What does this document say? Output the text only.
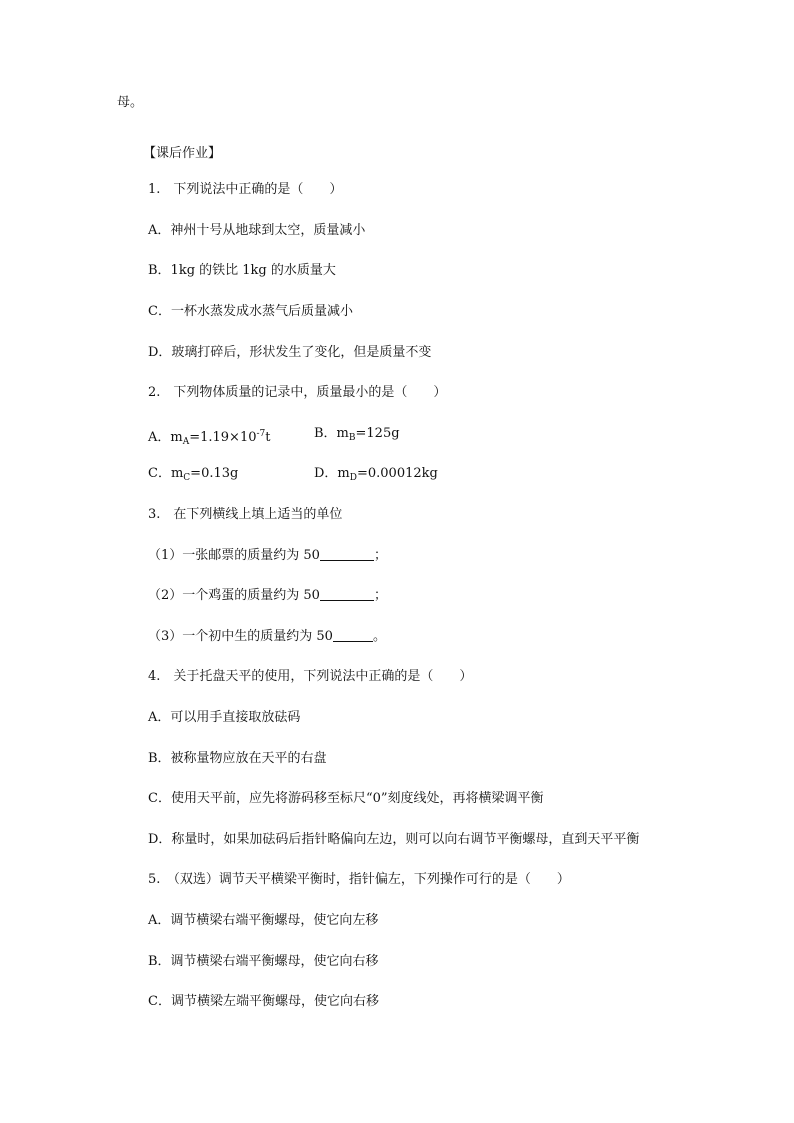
母。
【课后作业】
1.　下列说法中正确的是（　　）
A．神州十号从地球到太空，质量减小
B．1kg 的铁比 1kg 的水质量大
C．一杯水蒸发成水蒸气后质量减小
D．玻璃打碎后，形状发生了变化，但是质量不变
2.　下列物体质量的记录中，质量最小的是（　　）
A．$m_A=1.19\times 10^{-7}t$	B．$m_B=125g$
C．$m_C=0.13g$	D．$m_D=0.00012kg$
3.　在下列横线上填上适当的单位
（1）一张邮票的质量约为 50	；
（2）一个鸡蛋的质量约为 50	；
（3）一个初中生的质量约为 50	。
4.　关于托盘天平的使用，下列说法中正确的是（　　）
A．可以用手直接取放砝码
B．被称量物应放在天平的右盘
C．使用天平前，应先将游码移至标尺“0”刻度线处，再将横梁调平衡
D．称量时，如果加砝码后指针略偏向左边，则可以向右调节平衡螺母，直到天平平衡
5.　（双选）调节天平横梁平衡时，指针偏左，下列操作可行的是（　　）
A．调节横梁右端平衡螺母，使它向左移
B．调节横梁右端平衡螺母，使它向右移
C．调节横梁左端平衡螺母，使它向右移
